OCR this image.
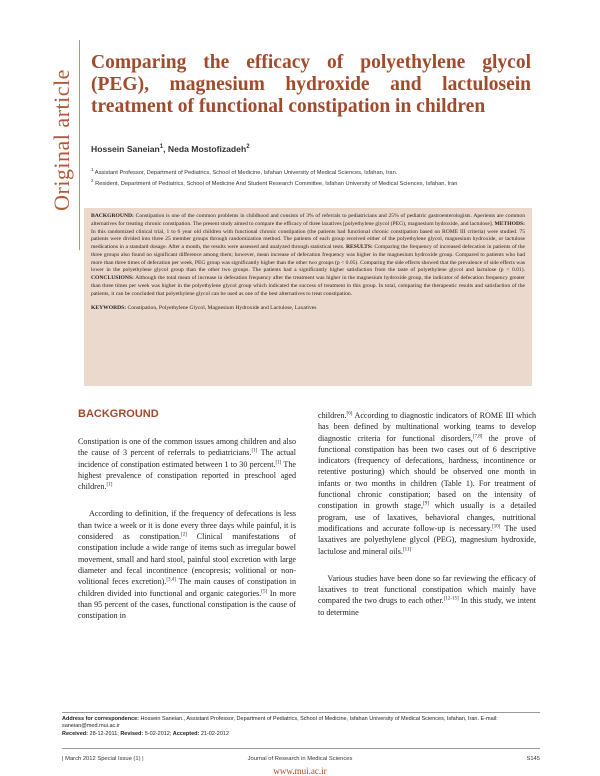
Original article
Comparing the efficacy of polyethylene glycol (PEG), magnesium hydroxide and lactulosein treatment of functional constipation in children
Hossein Saneian$^1$, Neda Mostofizadeh$^2$
$^1$ Assistant Professor, Department of Pediatrics, School of Medicine, Isfahan University of Medical Sciences, Isfahan, Iran.
$^2$ Resident, Department of Pediatrics, School of Medicine And Student Research Committee, Isfahan University of Medical Sciences, Isfahan, Iran

BACKGROUND: Constipation is one of the common problems in childhood and consists of 3% of referrals to pediatricians and 25% of pediatric gastroenterologists. Aperients are common alternatives for treating chronic constipation. The present study aimed to compare the efficacy of three laxatives [polyethylene glycol (PEG), magnesium hydroxide, and lactulose]. METHODS: In this randomized clinical trial, 1 to 6 year old children with functional chronic constipation (the patients had functional chronic constipation based on ROME III criteria) were studied. 75 patients were divided into three 25 member groups through randomization method. The patients of each group received either of the polyethylene glycol, magnesium hydroxide, or lactulose medications in a standard dosage. After a month, the results were assessed and analyzed through statistical tests. RESULTS: Comparing the frequency of increased defecation in patients of the three groups also found no significant difference among them; however, mean increase of defecation frequency was higher in the magnesium hydroxide group. Compared to patients who had more than three times of defecation per week, PEG group was significantly higher than the other two groups (p < 0.05). Comparing the side effects showed that the prevalence of side effects was lower in the polyethylene glycol group than the other two groups. The patients had a significantly higher satisfaction from the taste of polyethylene glycol and lactulose (p < 0.01). CONCLUSIONS: Although the total mean of increase in defecation frequency after the treatment was higher in the magnesium hydroxide group, the indicator of defecation frequency greater than three times per week was higher in the polyethylene glycol group which indicated the success of treatment in this group. In total, comparing the therapeutic results and satisfaction of the patients, it can be concluded that polyethylene glycol can be used as one of the best alternatives to treat constipation.

KEYWORDS: Constipation, Polyethylene Glycol, Magnesium Hydroxide and Lactulose, Laxatives

BACKGROUND

Constipation is one of the common issues among children and also the cause of 3 percent of referrals to pediatricians.[1] The actual incidence of constipation estimated between 1 to 30 percent.[1] The highest prevalence of constipation reported in preschool aged children.[1]

According to definition, if the frequency of defecations is less than twice a week or it is done every three days while painful, it is considered as constipation.[2] Clinical manifestations of constipation include a wide range of items such as irregular bowel movement, small and hard stool, painful stool excretion with large diameter and fecal incontinence (encopresis; volitional or non-volitional feces excretion).[3,4] The main causes of constipation in children divided into functional and organic categories.[5] In more than 95 percent of the cases, functional constipation is the cause of constipation in

children.[6] According to diagnostic indicators of ROME III which has been defined by multinational working teams to develop diagnostic criteria for functional disorders,[7,8] the prove of functional constipation has been two cases out of 6 descriptive indicators (frequency of defecations, hardness, incontinence or retentive posturing) which should be observed one month in infants or two months in children (Table 1). For treatment of functional chronic constipation; based on the intensity of constipation in growth stage,[9] which usually is a detailed program, use of laxatives, behavioral changes, nutritional modifications and accurate follow-up is necessary.[10] The used laxatives are polyethylene glycol (PEG), magnesium hydroxide, lactulose and mineral oils.[11]

Various studies have been done so far reviewing the efficacy of laxatives to treat functional constipation which mainly have compared the two drugs to each other.[12-15] In this study, we intent to determine

Address for correspondence: Hossein Saneian., Assistant Professor, Department of Pediatrics, School of Medicine, Isfahan University of Medical Sciences, Isfahan, Iran. E-mail: saneian@med.mui.ac.ir
Received: 28-12-2011; Revised: 5-02-2012; Accepted: 21-02-2012
| March 2012 Special Issue (1) |	Journal of Research in Medical Sciences	S145
www.mui.ac.ir
